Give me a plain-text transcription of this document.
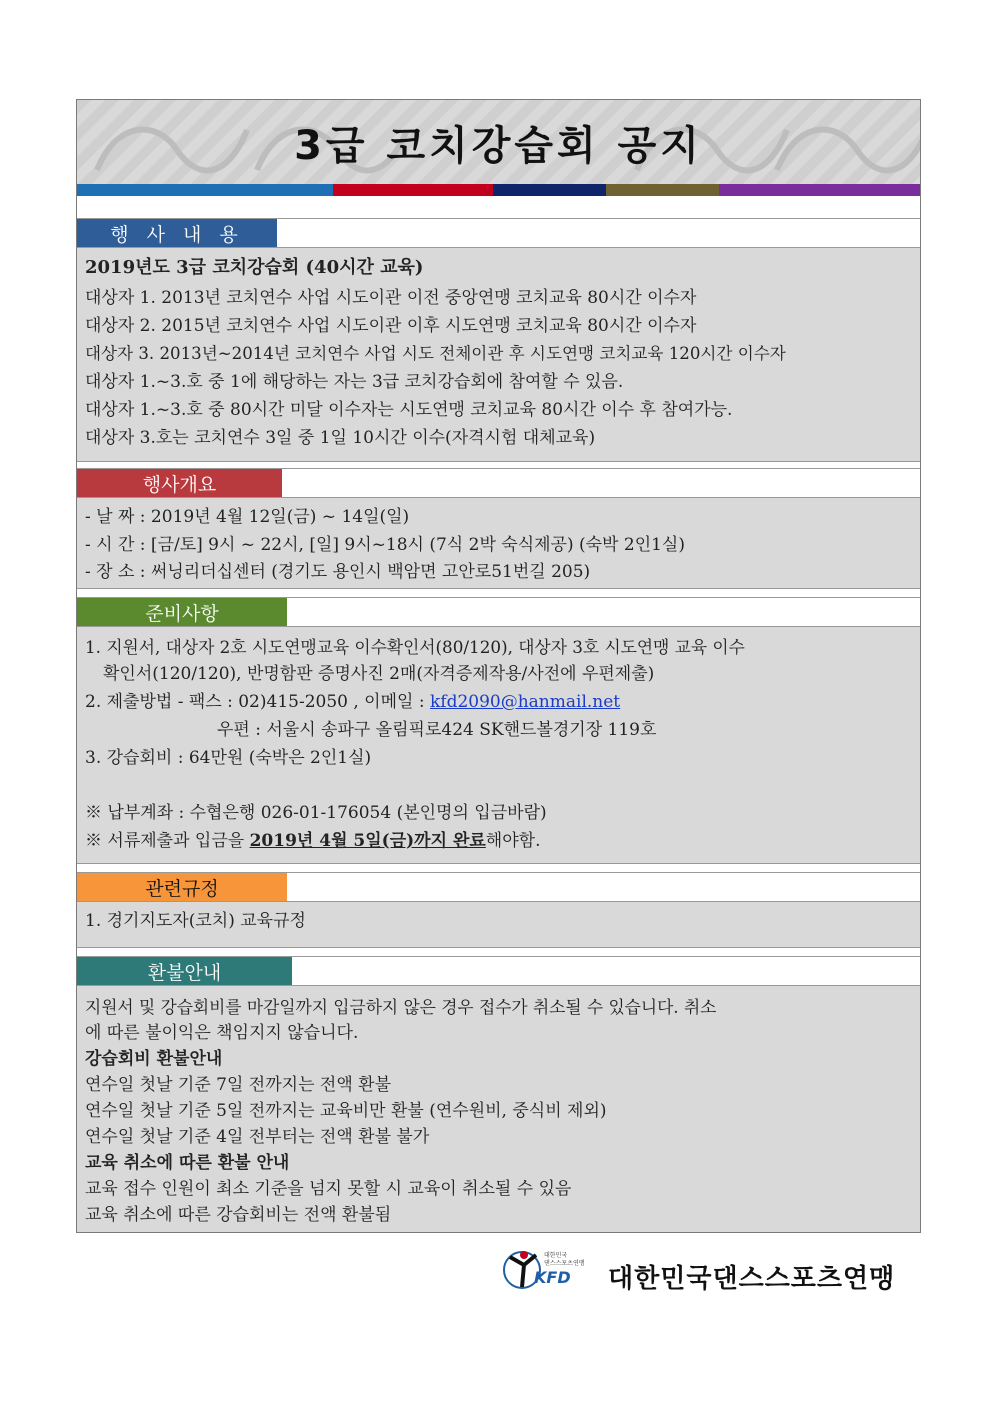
3급 코치강습회 공지
행 사 내 용
2019년도 3급 코치강습회 (40시간 교육)
대상자 1. 2013년 코치연수 사업 시도이관 이전 중앙연맹 코치교육 80시간 이수자
대상자 2. 2015년 코치연수 사업 시도이관 이후 시도연맹 코치교육 80시간 이수자
대상자 3. 2013년~2014년 코치연수 사업 시도 전체이관 후 시도연맹 코치교육 120시간 이수자
대상자 1.~3.호 중 1에 해당하는 자는 3급 코치강습회에 참여할 수 있음.
대상자 1.~3.호 중 80시간 미달 이수자는 시도연맹 코치교육 80시간 이수 후 참여가능.
대상자 3.호는 코치연수 3일 중 1일 10시간 이수(자격시험 대체교육)
행사개요
- 날 짜 : 2019년 4월 12일(금) ~ 14일(일)
- 시 간 : [금/토] 9시 ~ 22시, [일] 9시~18시 (7식 2박 숙식제공) (숙박 2인1실)
- 장 소 : 써닝리더십센터 (경기도 용인시 백암면 고안로51번길 205)
준비사항
1. 지원서, 대상자 2호 시도연맹교육 이수확인서(80/120), 대상자 3호 시도연맹 교육 이수
확인서(120/120), 반명함판 증명사진 2매(자격증제작용/사전에 우편제출)
2. 제출방법 - 팩스 : 02)415-2050 , 이메일 : kfd2090@hanmail.net
우편 : 서울시 송파구 올림픽로424 SK핸드볼경기장 119호
3. 강습회비 : 64만원 (숙박은 2인1실)
※ 납부계좌 : 수협은행 026-01-176054 (본인명의 입금바람)
※ 서류제출과 입금을 2019년 4월 5일(금)까지 완료해야함.
관련규정
1. 경기지도자(코치) 교육규정
환불안내
지원서 및 강습회비를 마감일까지 입금하지 않은 경우 접수가 취소될 수 있습니다. 취소
에 따른 불이익은 책임지지 않습니다.
강습회비 환불안내
연수일 첫날 기준 7일 전까지는 전액 환불
연수일 첫날 기준 5일 전까지는 교육비만 환불 (연수원비, 중식비 제외)
연수일 첫날 기준 4일 전부터는 전액 환불 불가
교육 취소에 따른 환불 안내
교육 접수 인원이 최소 기준을 넘지 못할 시 교육이 취소될 수 있음
교육 취소에 따른 강습회비는 전액 환불됨
KFD
대한민국
댄스스포츠연맹
대한민국댄스스포츠연맹
